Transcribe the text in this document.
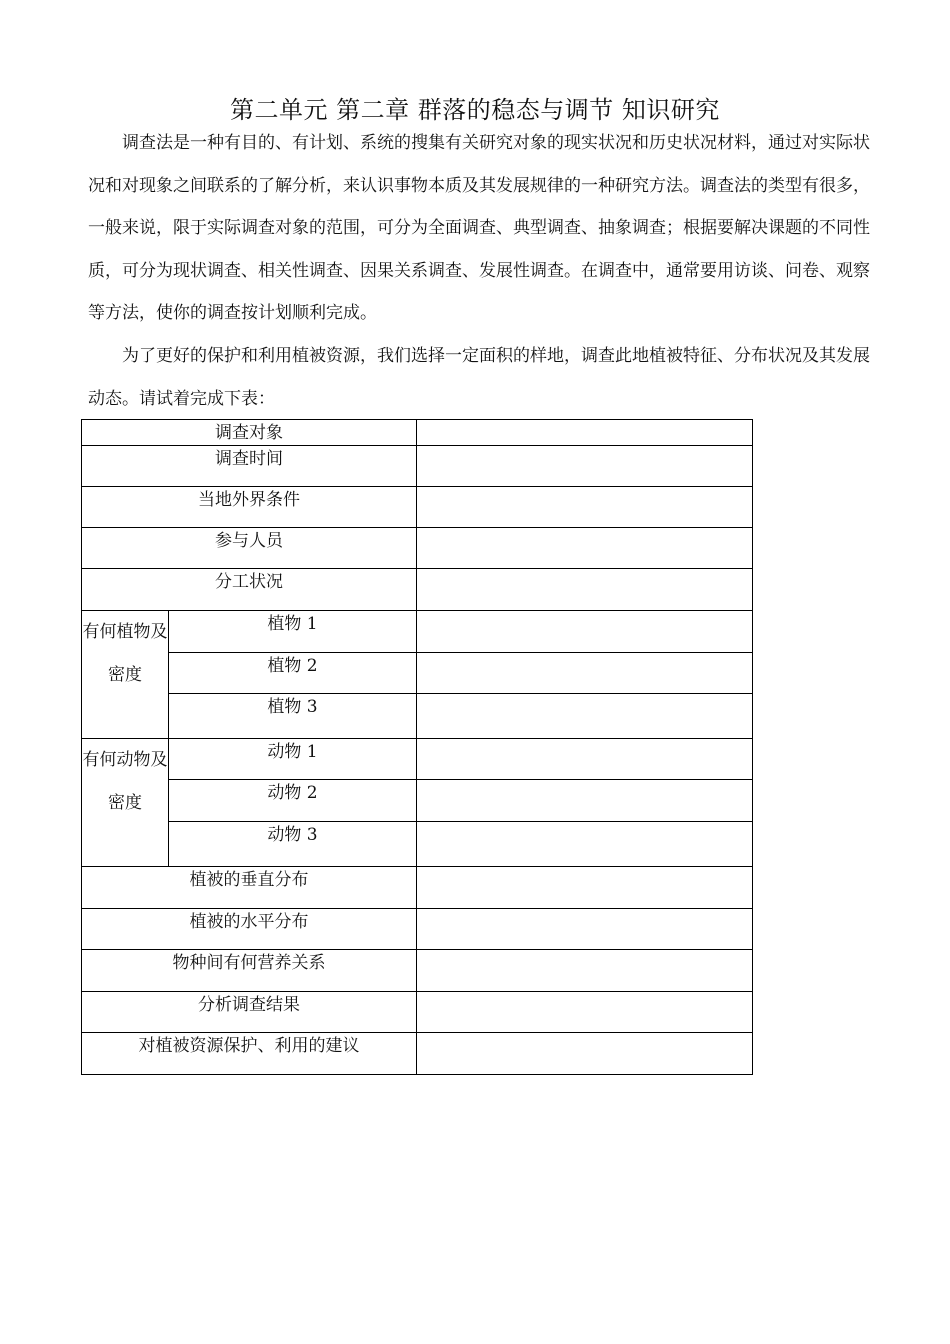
第二单元 第二章 群落的稳态与调节 知识研究

调查法是一种有目的、有计划、系统的搜集有关研究对象的现实状况和历史状况材料，通过对实际状况和对现象之间联系的了解分析，来认识事物本质及其发展规律的一种研究方法。调查法的类型有很多，一般来说，限于实际调查对象的范围，可分为全面调查、典型调查、抽象调查；根据要解决课题的不同性质，可分为现状调查、相关性调查、因果关系调查、发展性调查。在调查中，通常要用访谈、问卷、观察等方法，使你的调查按计划顺利完成。

为了更好的保护和利用植被资源，我们选择一定面积的样地，调查此地植被特征、分布状况及其发展动态。请试着完成下表：

调查对象		
调查时间		
当地外界条件		
参与人员		
分工状况		
有何植物及密度	植物 1	
	植物 2	
	植物 3	
有何动物及密度	动物 1	
	动物 2	
	动物 3	
植被的垂直分布		
植被的水平分布		
物种间有何营养关系		
分析调查结果		
对植被资源保护、利用的建议		
